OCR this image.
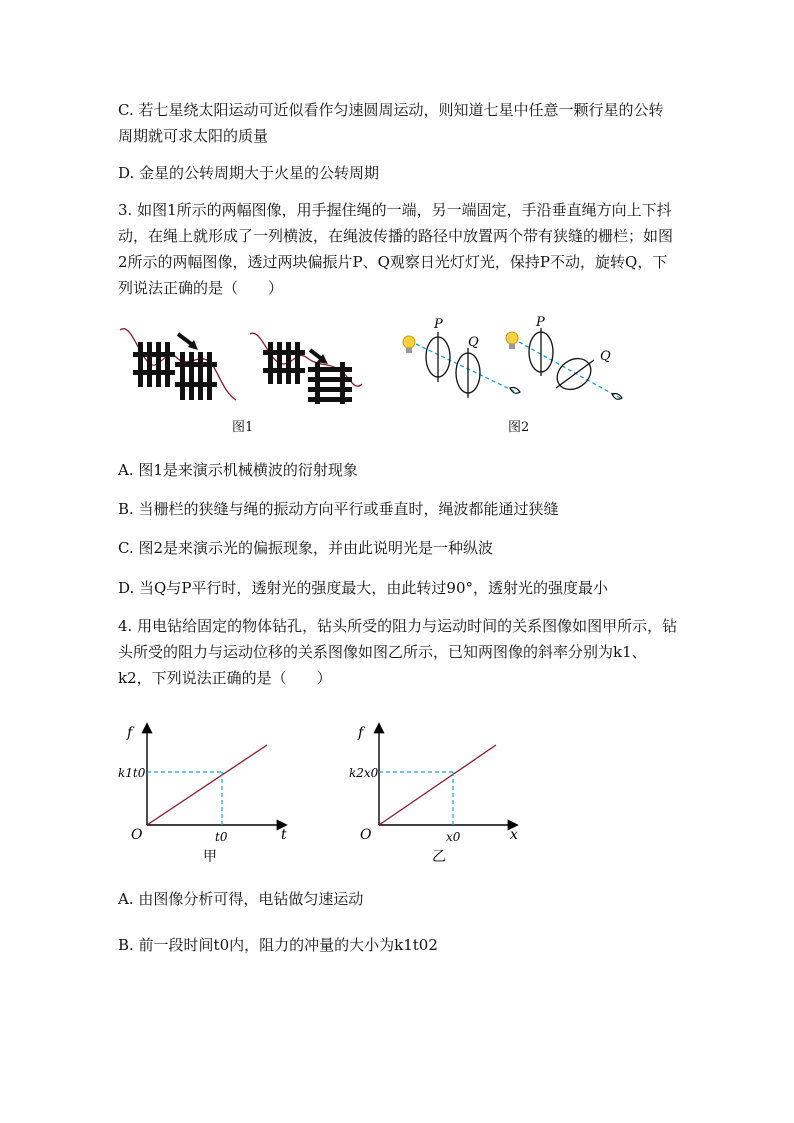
C. 若七星绕太阳运动可近似看作匀速圆周运动，则知道七星中任意一颗行星的公转周期就可求太阳的质量
D. 金星的公转周期大于火星的公转周期
3. 如图1所示的两幅图像，用手握住绳的一端，另一端固定，手沿垂直绳方向上下抖动，在绳上就形成了一列横波，在绳波传播的路径中放置两个带有狭缝的栅栏；如图2所示的两幅图像，透过两块偏振片P、Q观察日光灯灯光，保持P不动，旋转Q，下列说法正确的是（　　）
图1
P
Q
P
Q
图2
A. 图1是来演示机械横波的衍射现象
B. 当栅栏的狭缝与绳的振动方向平行或垂直时，绳波都能通过狭缝
C. 图2是来演示光的偏振现象，并由此说明光是一种纵波
D. 当Q与P平行时，透射光的强度最大，由此转过90°，透射光的强度最小
4. 用电钻给固定的物体钻孔，钻头所受的阻力与运动时间的关系图像如图甲所示，钻头所受的阻力与运动位移的关系图像如图乙所示，已知两图像的斜率分别为k1、k2，下列说法正确的是（　　）
f
t
O
k1t0
t0
甲
f
x
O
k2x0
x0
乙
A. 由图像分析可得，电钻做匀速运动
B. 前一段时间t0内，阻力的冲量的大小为k1t02
